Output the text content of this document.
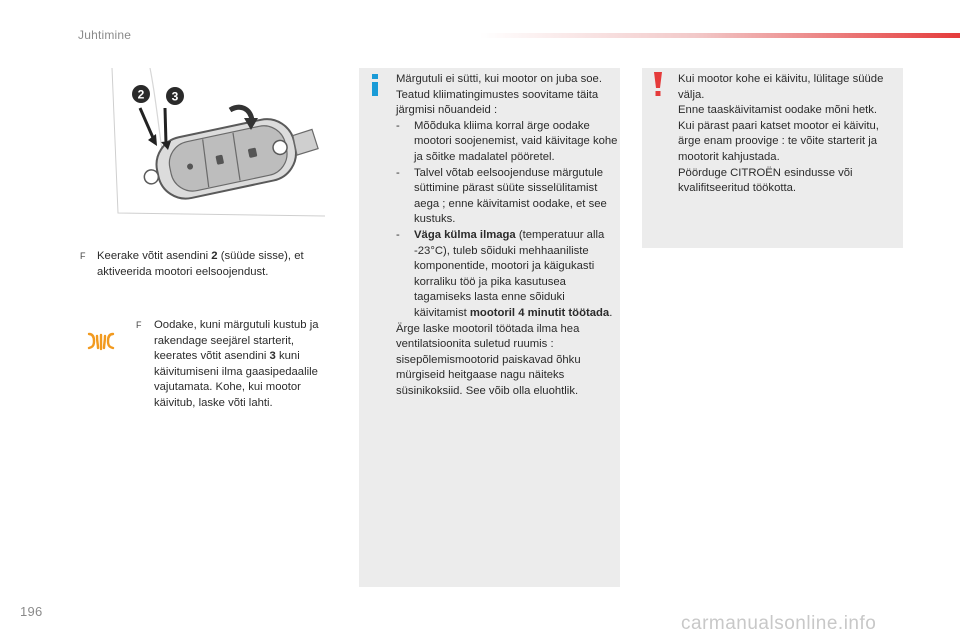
Juhtimine
2 3
F	Keerake võtit asendini 2 (süüde sisse), et aktiveerida mootori eelsoojendust.
F	Oodake, kuni märgutuli kustub ja rakendage seejärel starterit, keerates võtit asendini 3 kuni käivitumiseni ilma gaasipedaalile vajutamata. Kohe, kui mootor käivitub, laske võti lahti.

Märgutuli ei sütti, kui mootor on juba soe. Teatud kliimatingimustes soovitame täita järgmisi nõuandeid :

- Mõõduka kliima korral ärge oodake mootori soojenemist, vaid käivitage kohe ja sõitke madalatel pööretel.
- Talvel võtab eelsoojenduse märgutule süttimine pärast süüte sisselülitamist aega ; enne käivitamist oodake, et see kustuks.
- Väga külma ilmaga (temperatuur alla -23°C), tuleb sõiduki mehhaaniliste komponentide, mootori ja käigukasti korraliku töö ja pika kasutusea tagamiseks lasta enne sõiduki käivitamist mootoril 4 minutit töötada.

Ärge laske mootoril töötada ilma hea ventilatsioonita suletud ruumis : sisepõlemismootorid paiskavad õhku mürgiseid heitgaase nagu näiteks süsinikoksiid. See võib olla eluohtlik.

Kui mootor kohe ei käivitu, lülitage süüde välja.

Enne taaskäivitamist oodake mõni hetk.

Kui pärast paari katset mootor ei käivitu, ärge enam proovige : te võite starterit ja mootorit kahjustada.

Pöörduge CITROËN esindusse või kvalifitseeritud töökotta.

196
carmanualsonline.info
